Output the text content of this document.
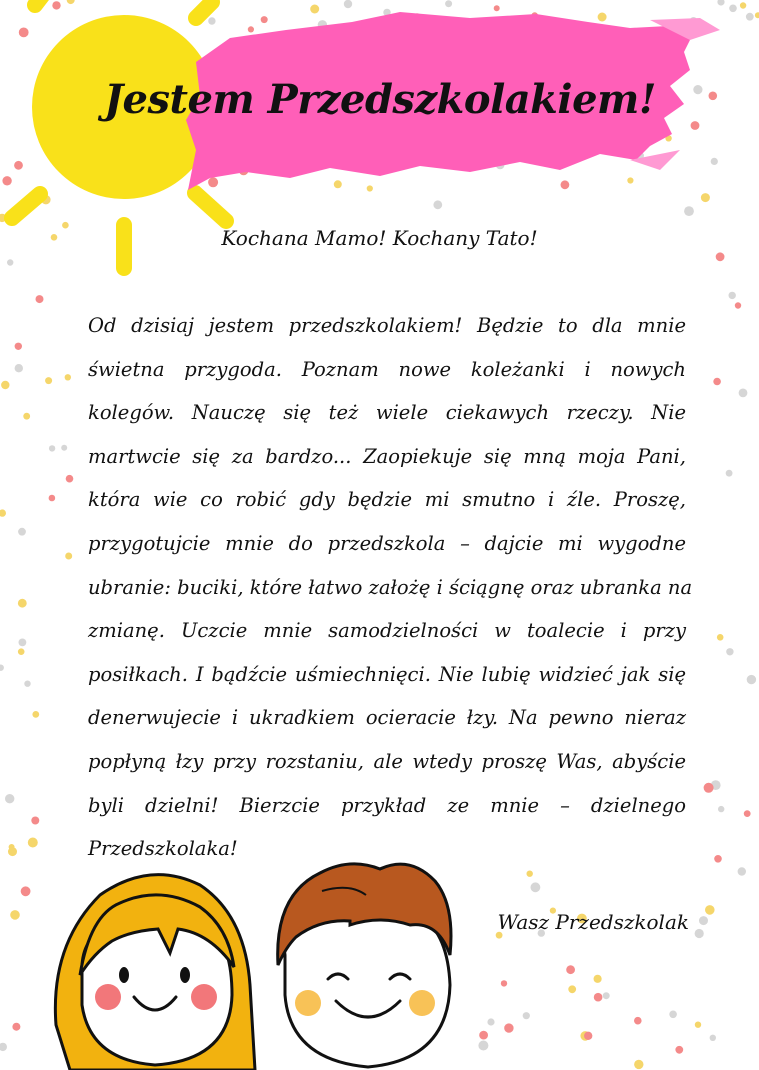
Jestem Przedszkolakiem!
Kochana Mamo! Kochany Tato!
Od dzisiaj jestem przedszkolakiem! Będzie to dla mnie
świetna przygoda. Poznam nowe koleżanki i nowych
kolegów. Nauczę się też wiele ciekawych rzeczy. Nie
martwcie się za bardzo... Zaopiekuje się mną moja Pani,
która wie co robić gdy będzie mi smutno i źle. Proszę,
przygotujcie mnie do przedszkola – dajcie mi wygodne
ubranie: buciki, które łatwo założę i ściągnę oraz ubranka na
zmianę. Uczcie mnie samodzielności w toalecie i przy
posiłkach. I bądźcie uśmiechnięci. Nie lubię widzieć jak się
denerwujecie i ukradkiem ocieracie łzy. Na pewno nieraz
popłyną łzy przy rozstaniu, ale wtedy proszę Was, abyście
byli dzielni! Bierzcie przykład ze mnie – dzielnego
Przedszkolaka!
Wasz Przedszkolak
